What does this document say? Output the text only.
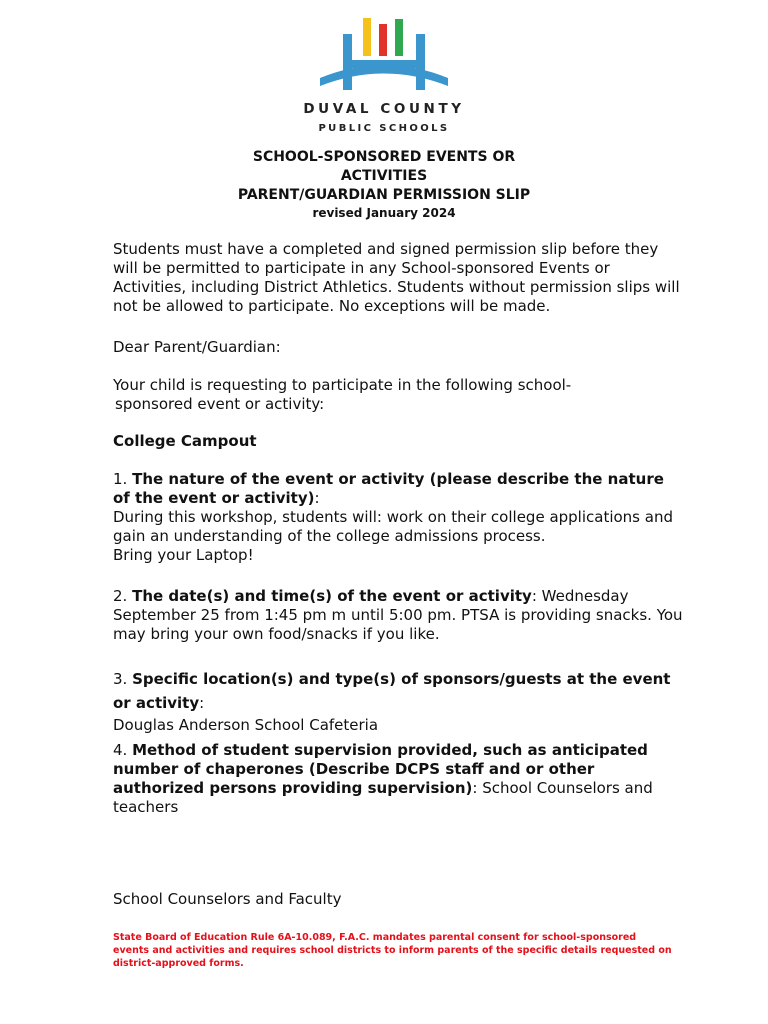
DUVAL COUNTY
PUBLIC SCHOOLS
SCHOOL-SPONSORED EVENTS OR
ACTIVITIES
PARENT/GUARDIAN PERMISSION SLIP
revised January 2024

Students must have a completed and signed permission slip before they will be permitted to participate in any School-sponsored Events or Activities, including District Athletics. Students without permission slips will not be allowed to participate. No exceptions will be made.

Dear Parent/Guardian:

Your child is requesting to participate in the following school-
sponsored event or activity:

College Campout

1. The nature of the event or activity (please describe the nature of the event or activity):
During this workshop, students will: work on their college applications and gain an understanding of the college admissions process.
Bring your Laptop!

2. The date(s) and time(s) of the event or activity: Wednesday September 25 from 1:45 pm m until 5:00 pm. PTSA is providing snacks. You may bring your own food/snacks if you like.

3. Specific location(s) and type(s) of sponsors/guests at the event or activity:

Douglas Anderson School Cafeteria

4. Method of student supervision provided, such as anticipated number of chaperones (Describe DCPS staff and or other authorized persons providing supervision): School Counselors and teachers

School Counselors and Faculty

State Board of Education Rule 6A-10.089, F.A.C. mandates parental consent for school-sponsored events and activities and requires school districts to inform parents of the specific details requested on district-approved forms.
